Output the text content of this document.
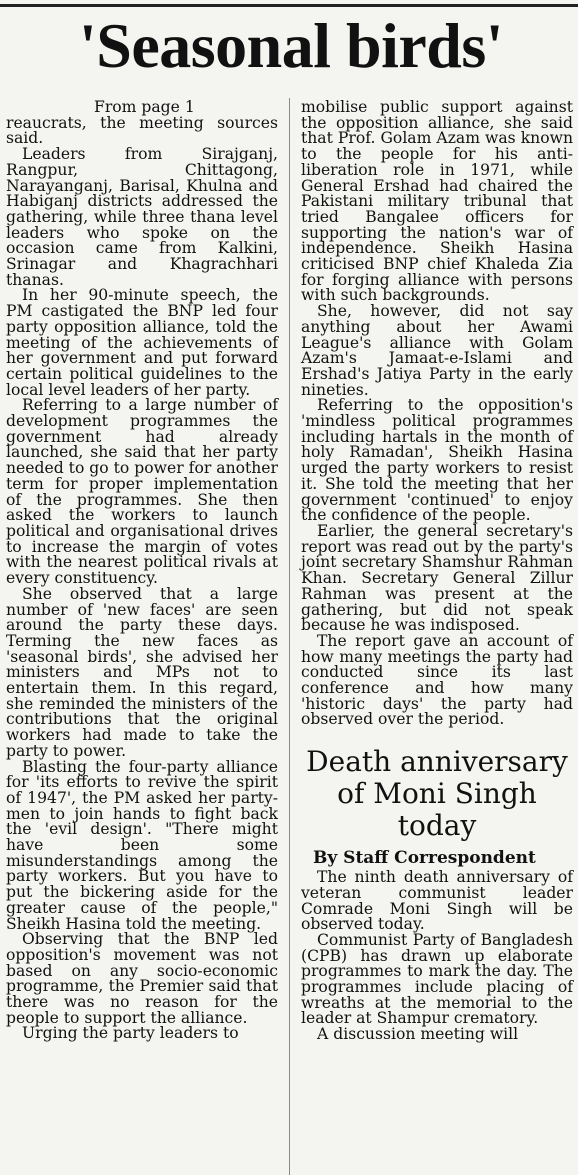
'Seasonal birds'
From page 1

reaucrats, the meeting sources said.

Leaders from Sirajganj, Rangpur, Chittagong, Narayanganj, Barisal, Khulna and Habiganj districts addressed the gathering, while three thana level leaders who spoke on the occasion came from Kalkini, Srinagar and Khagrachhari thanas.

In her 90-minute speech, the PM castigated the BNP led four party opposition alliance, told the meeting of the achievements of her government and put forward certain political guidelines to the local level leaders of her party.

Referring to a large number of development programmes the government had already launched, she said that her party needed to go to power for another term for proper implementation of the programmes. She then asked the workers to launch political and organisational drives to increase the margin of votes with the nearest political rivals at every constituency.

She observed that a large number of 'new faces' are seen around the party these days. Terming the new faces as 'seasonal birds', she advised her ministers and MPs not to entertain them. In this regard, she reminded the ministers of the contributions that the original workers had made to take the party to power.

Blasting the four-party alliance for 'its efforts to revive the spirit of 1947', the PM asked her party-men to join hands to fight back the 'evil design'. "There might have been some misunderstandings among the party workers. But you have to put the bickering aside for the greater cause of the people," Sheikh Hasina told the meeting.

Observing that the BNP led opposition's movement was not based on any socio-economic programme, the Premier said that there was no reason for the people to support the alliance.

Urging the party leaders to

mobilise public support against the opposition alliance, she said that Prof. Golam Azam was known to the people for his anti-liberation role in 1971, while General Ershad had chaired the Pakistani military tribunal that tried Bangalee officers for supporting the nation's war of independence. Sheikh Hasina criticised BNP chief Khaleda Zia for forging alliance with persons with such backgrounds.

She, however, did not say anything about her Awami League's alliance with Golam Azam's Jamaat-e-Islami and Ershad's Jatiya Party in the early nineties.

Referring to the opposition's 'mindless political programmes including hartals in the month of holy Ramadan', Sheikh Hasina urged the party workers to resist it. She told the meeting that her government 'continued' to enjoy the confidence of the people.

Earlier, the general secretary's report was read out by the party's joint secretary Shamshur Rahman Khan. Secretary General Zillur Rahman was present at the gathering, but did not speak because he was indisposed.

The report gave an account of how many meetings the party had conducted since its last conference and how many 'historic days' the party had observed over the period.

Death anniversary of Moni Singh today
By Staff Correspondent

The ninth death anniversary of veteran communist leader Comrade Moni Singh will be observed today.

Communist Party of Bangladesh (CPB) has drawn up elaborate programmes to mark the day. The programmes include placing of wreaths at the memorial to the leader at Shampur crematory.

A discussion meeting will
